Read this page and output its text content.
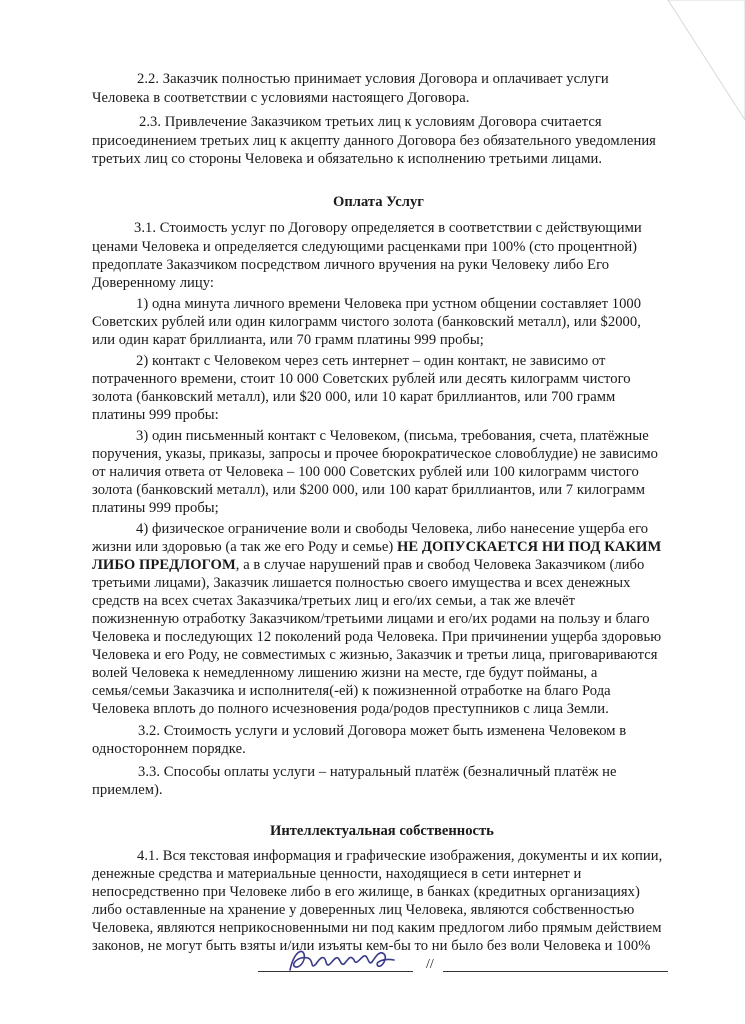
2.2. Заказчик полностью принимает условия Договора и оплачивает услуги
Человека в соответствии с условиями настоящего Договора.
2.3. Привлечение Заказчиком третьих лиц к условиям Договора считается
присоединением третьих лиц к акцепту данного Договора без обязательного уведомления
третьих лиц со стороны Человека и обязательно к исполнению третьими лицами.
Оплата Услуг
3.1. Стоимость услуг по Договору определяется в соответствии с действующими
ценами Человека и определяется следующими расценками при 100% (сто процентной)
предоплате Заказчиком посредством личного вручения на руки Человеку либо Его
Доверенному лицу:
1) одна минута личного времени Человека при устном общении составляет 1000
Советских рублей или один килограмм чистого золота (банковский металл), или $2000,
или один карат бриллианта, или 70 грамм платины 999 пробы;
2) контакт с Человеком через сеть интернет – один контакт, не зависимо от
потраченного времени, стоит 10 000 Советских рублей или десять килограмм чистого
золота (банковский металл), или $20 000, или 10 карат бриллиантов, или 700 грамм
платины 999 пробы:
3) один письменный контакт с Человеком, (письма, требования, счета, платёжные
поручения, указы, приказы, запросы и прочее бюрократическое словоблудие) не зависимо
от наличия ответа от Человека – 100 000 Советских рублей или 100 килограмм чистого
золота (банковский металл), или $200 000, или 100 карат бриллиантов, или 7 килограмм
платины 999 пробы;
4) физическое ограничение воли и свободы Человека, либо нанесение ущерба его
жизни или здоровью (а так же его Роду и семье) НЕ ДОПУСКАЕТСЯ НИ ПОД КАКИМ
ЛИБО ПРЕДЛОГОМ, а в случае нарушений прав и свобод Человека Заказчиком (либо
третьими лицами), Заказчик лишается полностью своего имущества и всех денежных
средств на всех счетах Заказчика/третьих лиц и его/их семьи, а так же влечёт
пожизненную отработку Заказчиком/третьими лицами и его/их родами на пользу и благо
Человека и последующих 12 поколений рода Человека. При причинении ущерба здоровью
Человека и его Роду, не совместимых с жизнью, Заказчик и третьи лица, приговариваются
волей Человека к немедленному лишению жизни на месте, где будут пойманы, а
семья/семьи Заказчика и исполнителя(-ей) к пожизненной отработке на благо Рода
Человека вплоть до полного исчезновения рода/родов преступников с лица Земли.
3.2. Стоимость услуги и условий Договора может быть изменена Человеком в
одностороннем порядке.
3.3. Способы оплаты услуги – натуральный платёж (безналичный платёж не
приемлем).
Интеллектуальная собственность
4.1. Вся текстовая информация и графические изображения, документы и их копии,
денежные средства и материальные ценности, находящиеся в сети интернет и
непосредственно при Человеке либо в его жилище, в банках (кредитных организациях)
либо оставленные на хранение у доверенных лиц Человека, являются собственностью
Человека, являются неприкосновенными ни под каким предлогом либо прямым действием
законов, не могут быть взяты и/или изъяты кем-бы то ни было без воли Человека и 100%
//
